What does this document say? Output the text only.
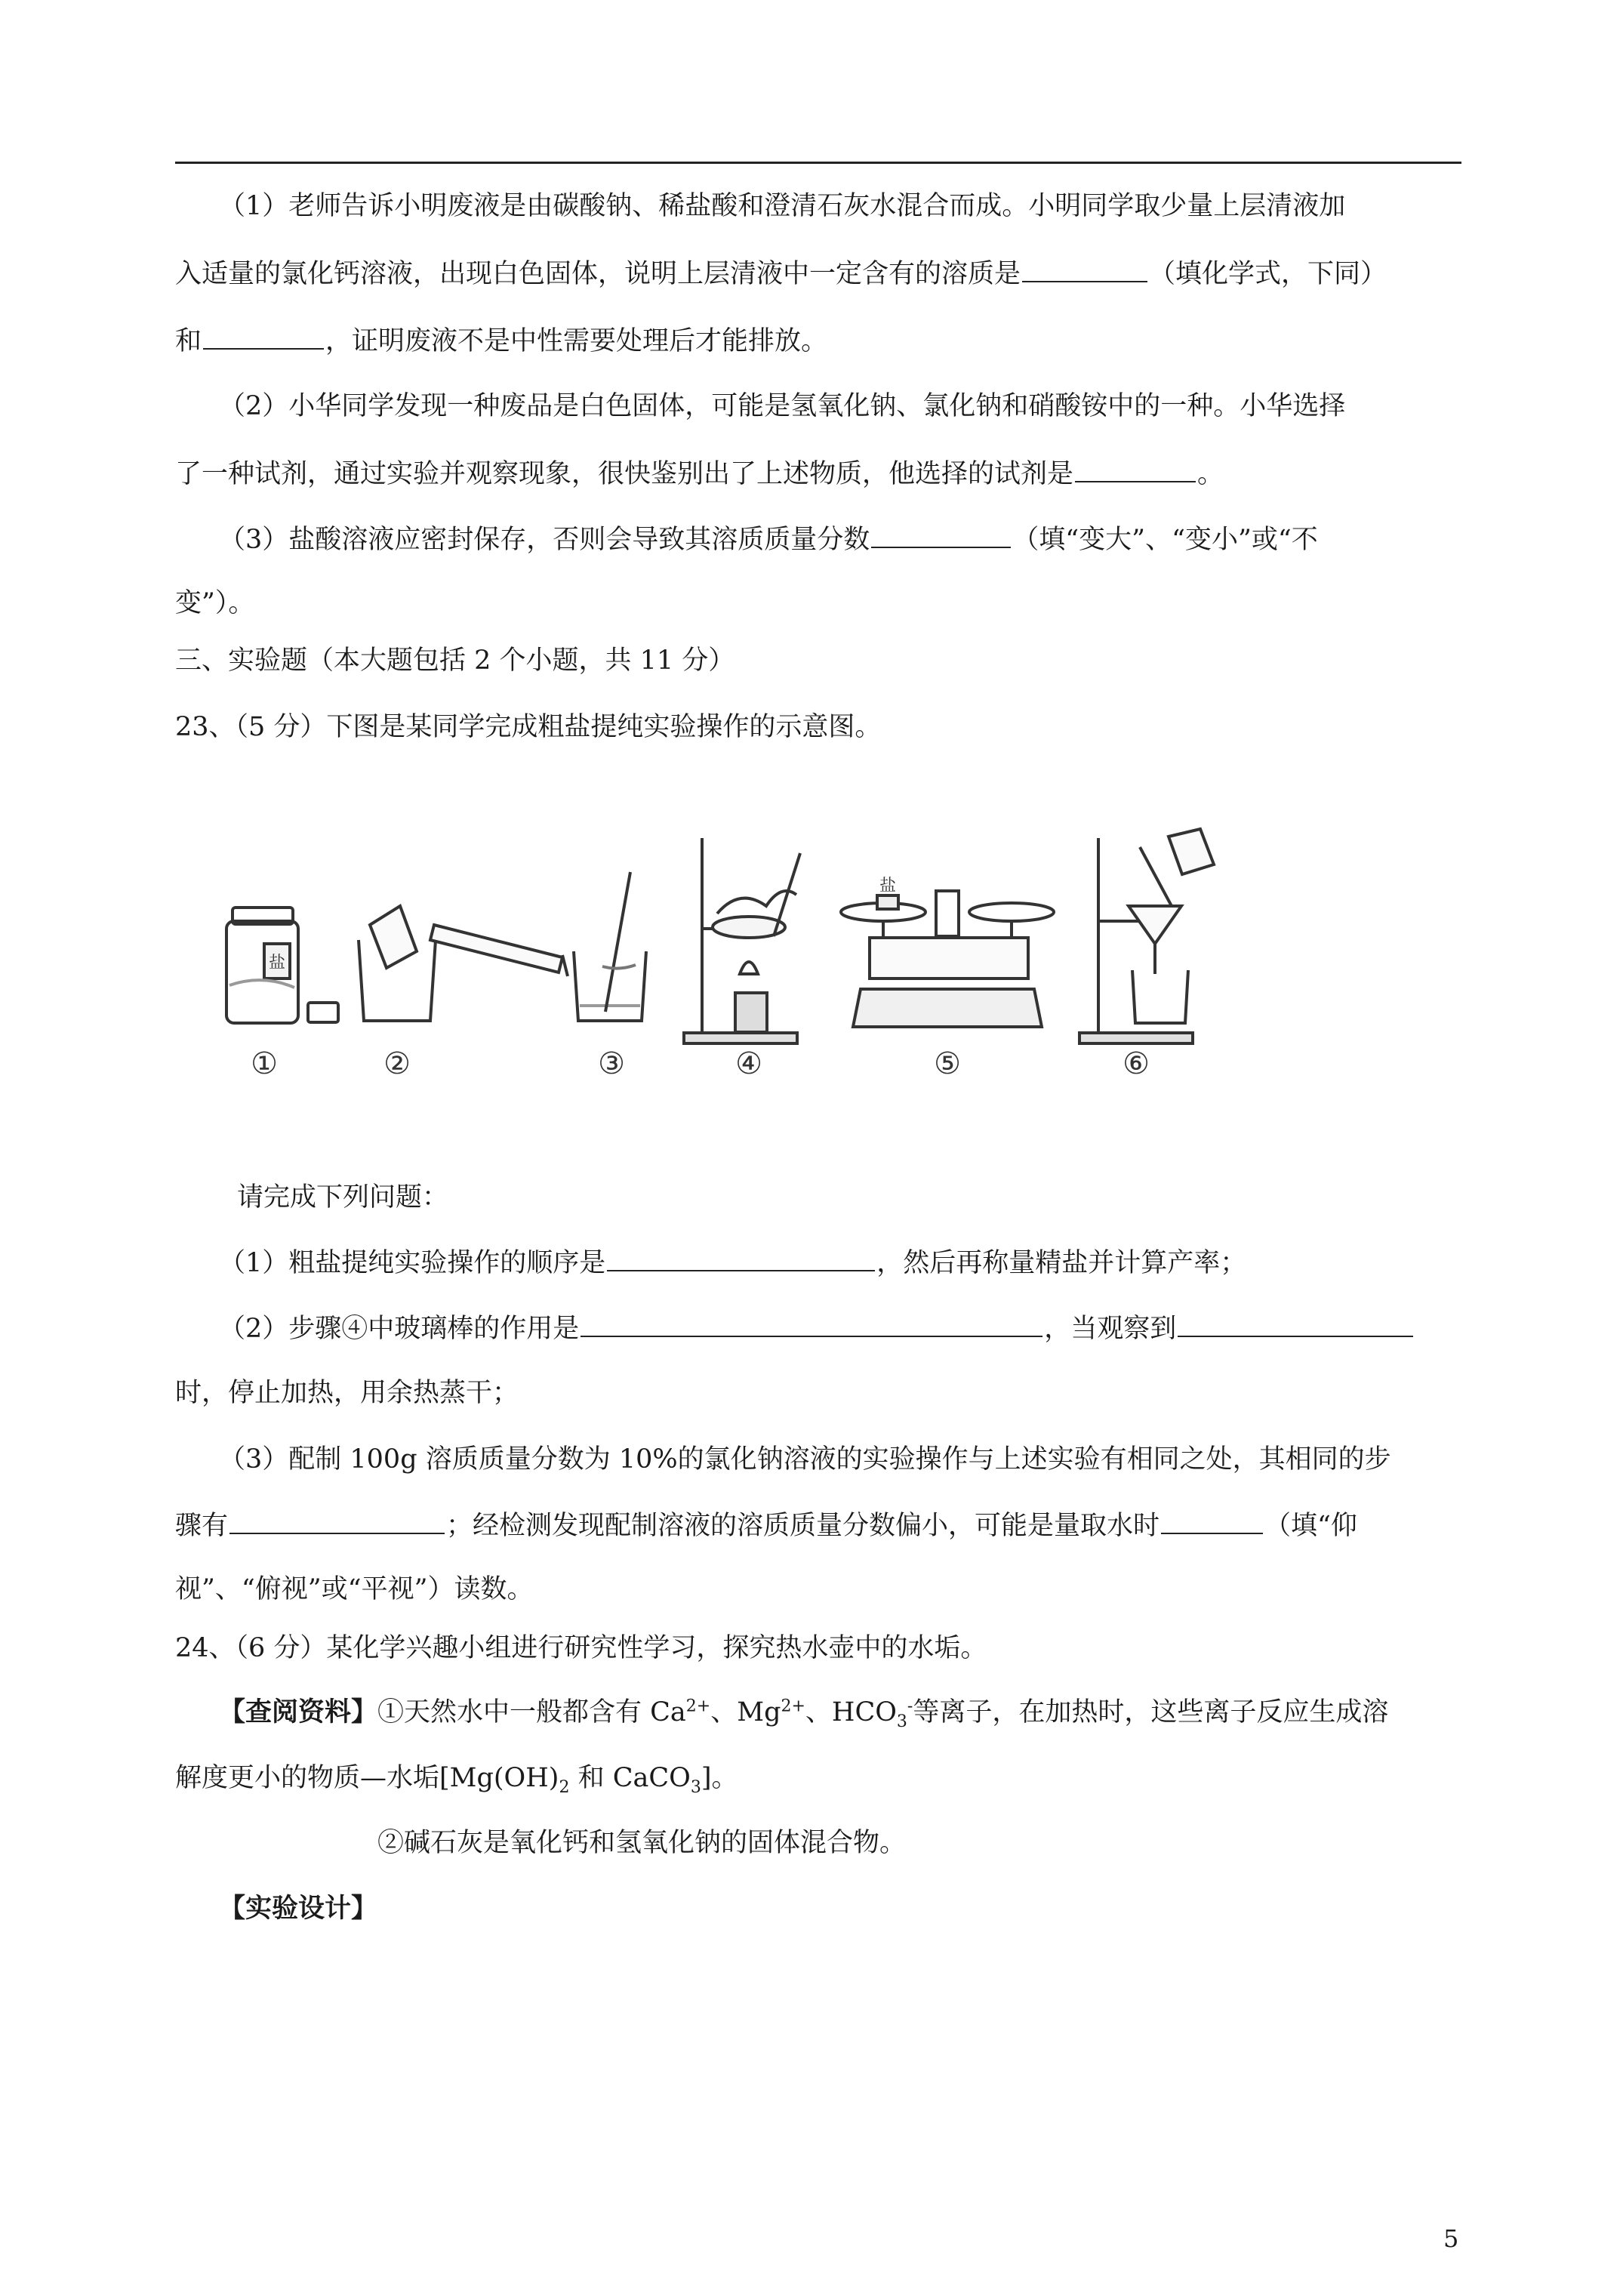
（1）老师告诉小明废液是由碳酸钠、稀盐酸和澄清石灰水混合而成。小明同学取少量上层清液加
入适量的氯化钙溶液，出现白色固体，说明上层清液中一定含有的溶质是	（填化学式，下同）
和	，证明废液不是中性需要处理后才能排放。
（2）小华同学发现一种废品是白色固体，可能是氢氧化钠、氯化钠和硝酸铵中的一种。小华选择
了一种试剂，通过实验并观察现象，很快鉴别出了上述物质，他选择的试剂是	。
（3）盐酸溶液应密封保存，否则会导致其溶质质量分数	（填“变大”、“变小”或“不
变”）。
三、实验题（本大题包括 2 个小题，共 11 分）
23、（5 分）下图是某同学完成粗盐提纯实验操作的示意图。
①	②	③	④	⑤	⑥
盐
盐
请完成下列问题：
（1）粗盐提纯实验操作的顺序是	，然后再称量精盐并计算产率；
（2）步骤④中玻璃棒的作用是	，当观察到
时，停止加热，用余热蒸干；
（3）配制 100g 溶质质量分数为 10%的氯化钠溶液的实验操作与上述实验有相同之处，其相同的步
骤有	；经检测发现配制溶液的溶质质量分数偏小，可能是量取水时	（填“仰
视”、“俯视”或“平视”）读数。
24、（6 分）某化学兴趣小组进行研究性学习，探究热水壶中的水垢。
【查阅资料】①天然水中一般都含有 $Ca^{2+}$、$Mg^{2+}$、$HCO_3^-$等离子，在加热时，这些离子反应生成溶
解度更小的物质—水垢[$Mg(OH)_2$ 和 CaCO$_3$]。
②碱石灰是氧化钙和氢氧化钠的固体混合物。
【实验设计】
5
